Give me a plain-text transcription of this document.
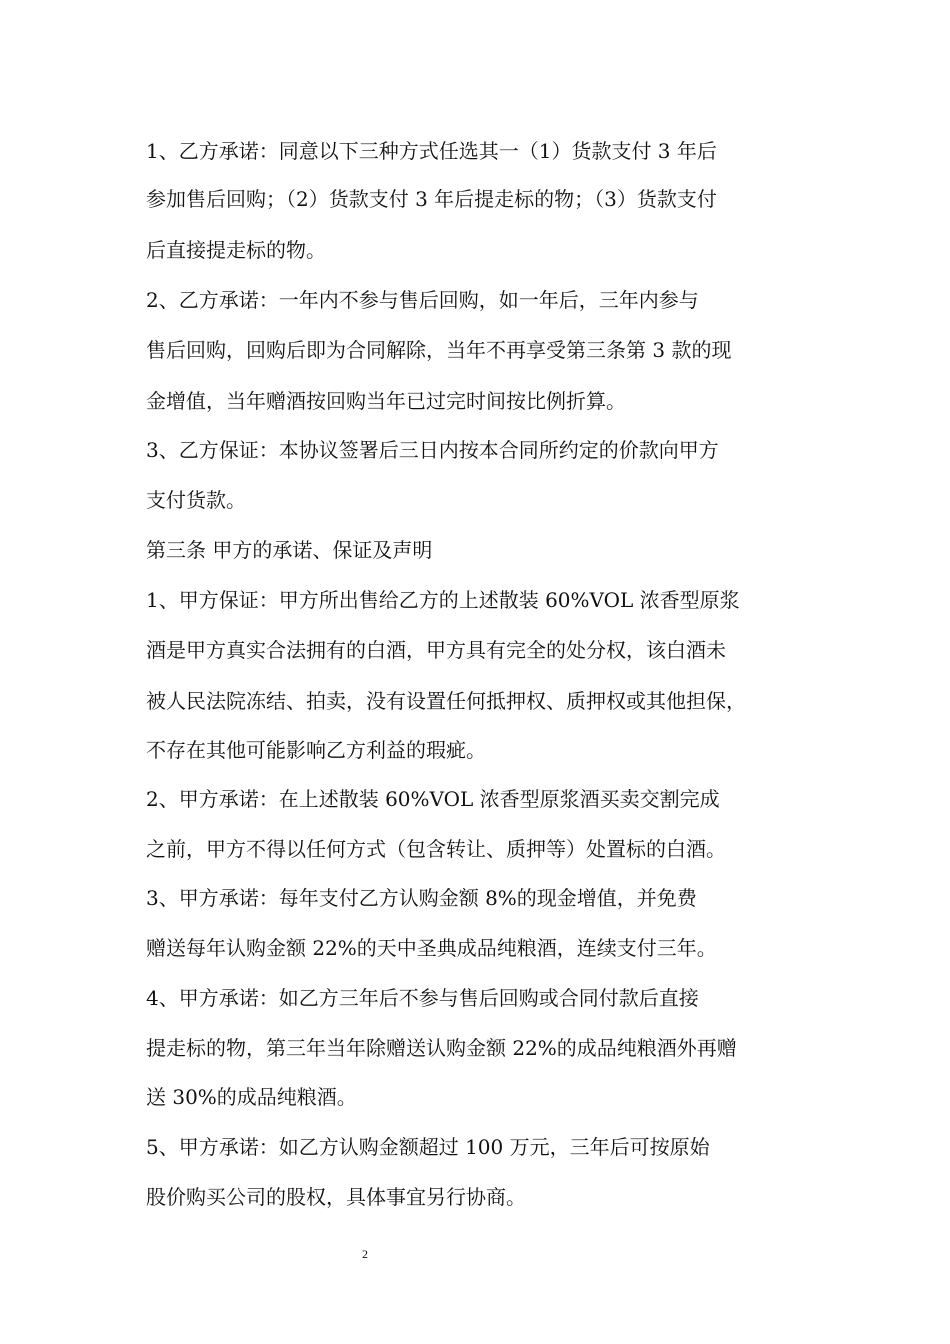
1、乙方承诺：同意以下三种方式任选其一（1）货款支付 3 年后
参加售后回购；（2）货款支付 3 年后提走标的物；（3）货款支付
后直接提走标的物。
2、乙方承诺：一年内不参与售后回购，如一年后，三年内参与
售后回购，回购后即为合同解除，当年不再享受第三条第 3 款的现
金增值，当年赠酒按回购当年已过完时间按比例折算。
3、乙方保证：本协议签署后三日内按本合同所约定的价款向甲方
支付货款。
第三条 甲方的承诺、保证及声明
1、甲方保证：甲方所出售给乙方的上述散装 60%VOL 浓香型原浆
酒是甲方真实合法拥有的白酒，甲方具有完全的处分权，该白酒未
被人民法院冻结、拍卖，没有设置任何抵押权、质押权或其他担保，
不存在其他可能影响乙方利益的瑕疵。
2、甲方承诺：在上述散装 60%VOL 浓香型原浆酒买卖交割完成
之前，甲方不得以任何方式（包含转让、质押等）处置标的白酒。
3、甲方承诺：每年支付乙方认购金额 8%的现金增值，并免费
赠送每年认购金额 22%的天中圣典成品纯粮酒，连续支付三年。
4、甲方承诺：如乙方三年后不参与售后回购或合同付款后直接
提走标的物，第三年当年除赠送认购金额 22%的成品纯粮酒外再赠
送 30%的成品纯粮酒。
5、甲方承诺：如乙方认购金额超过 100 万元，三年后可按原始
股价购买公司的股权，具体事宜另行协商。
2
